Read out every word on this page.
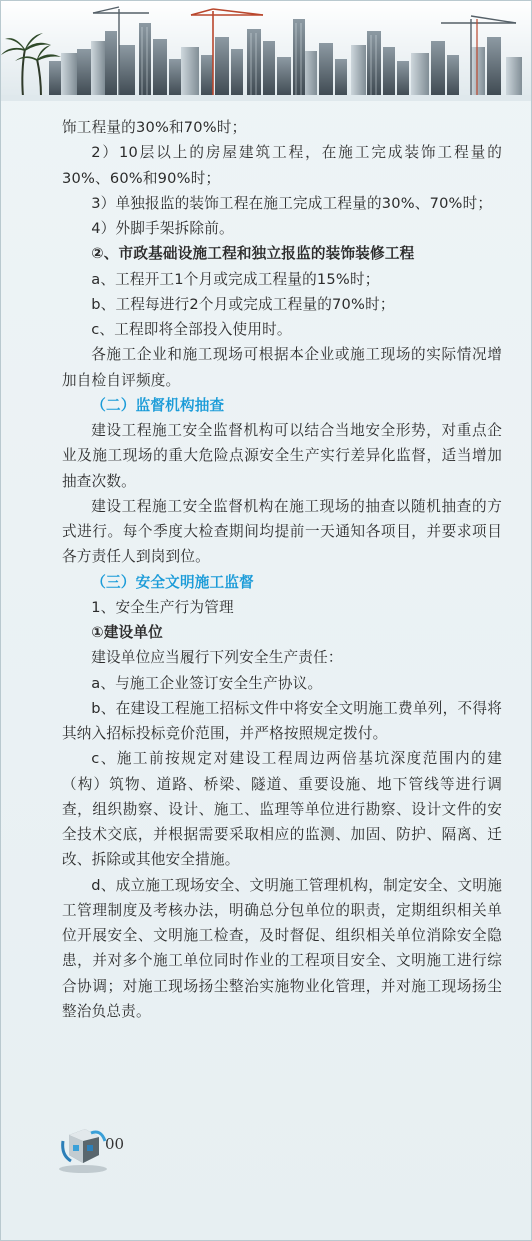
饰工程量的30%和70%时；

2）10层以上的房屋建筑工程，在施工完成装饰工程量的30%、60%和90%时；

3）单独报监的装饰工程在施工完成工程量的30%、70%时；

4）外脚手架拆除前。

②、市政基础设施工程和独立报监的装饰装修工程

a、工程开工1个月或完成工程量的15%时；

b、工程每进行2个月或完成工程量的70%时；

c、工程即将全部投入使用时。

各施工企业和施工现场可根据本企业或施工现场的实际情况增加自检自评频度。

（二）监督机构抽查

建设工程施工安全监督机构可以结合当地安全形势，对重点企业及施工现场的重大危险点源安全生产实行差异化监督，适当增加抽查次数。

建设工程施工安全监督机构在施工现场的抽查以随机抽查的方式进行。每个季度大检查期间均提前一天通知各项目，并要求项目各方责任人到岗到位。

（三）安全文明施工监督

1、安全生产行为管理

①建设单位

建设单位应当履行下列安全生产责任：

a、与施工企业签订安全生产协议。

b、在建设工程施工招标文件中将安全文明施工费单列，不得将其纳入招标投标竞价范围，并严格按照规定拨付。

c、施工前按规定对建设工程周边两倍基坑深度范围内的建（构）筑物、道路、桥梁、隧道、重要设施、地下管线等进行调查，组织勘察、设计、施工、监理等单位进行勘察、设计文件的安全技术交底，并根据需要采取相应的监测、加固、防护、隔离、迁改、拆除或其他安全措施。

d、成立施工现场安全、文明施工管理机构，制定安全、文明施工管理制度及考核办法，明确总分包单位的职责，定期组织相关单位开展安全、文明施工检查，及时督促、组织相关单位消除安全隐患，并对多个施工单位同时作业的工程项目安全、文明施工进行综合协调；对施工现场扬尘整治实施物业化管理，并对施工现场扬尘整治负总责。

00
